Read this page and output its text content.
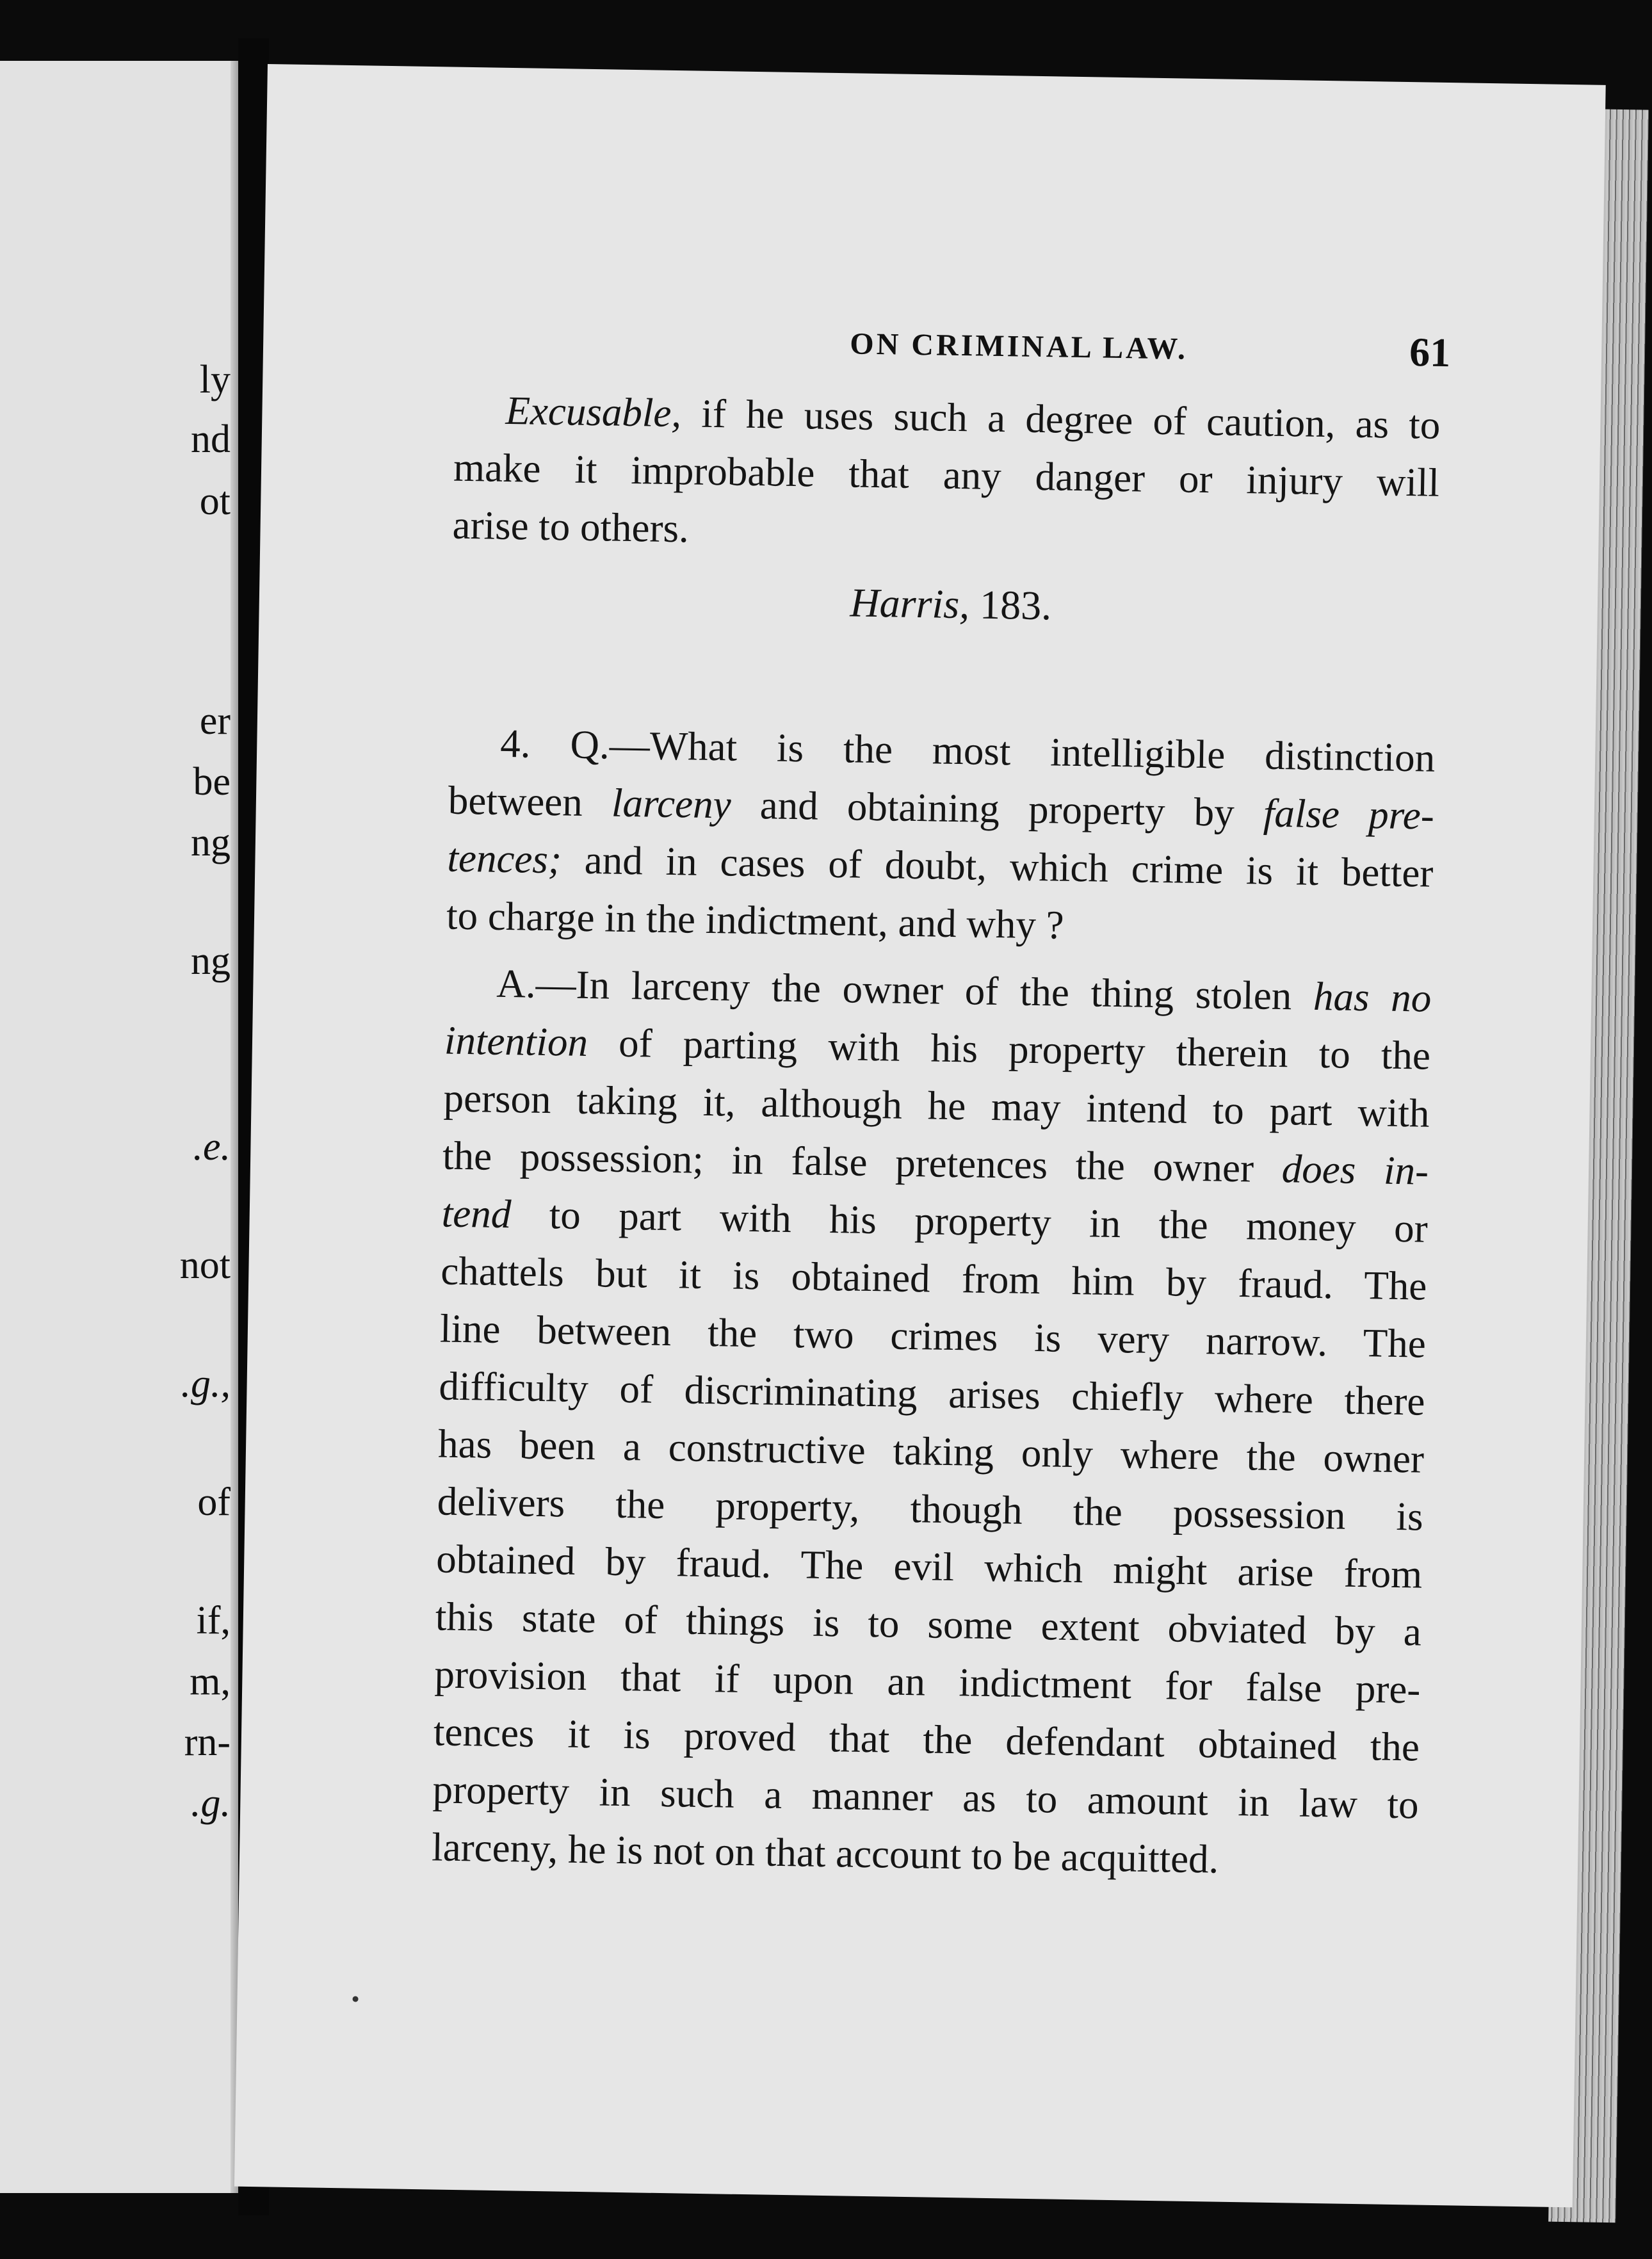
ly
nd
ot
er
be
ng
ng
.e.
not
.g.,
of
if,
m,
rn-
.g.
ON CRIMINAL LAW.	61
Excusable, if he uses such a degree of caution, as to
make it improbable that any danger or injury will
arise to others.
Harris, 183.
4. Q.—What is the most intelligible distinction
between larceny and obtaining property by false pre-
tences; and in cases of doubt, which crime is it better
to charge in the indictment, and why ?
A.—In larceny the owner of the thing stolen has no
intention of parting with his property therein to the
person taking it, although he may intend to part with
the possession; in false pretences the owner does in-
tend to part with his property in the money or
chattels but it is obtained from him by fraud. The
line between the two crimes is very narrow. The
difficulty of discriminating arises chiefly where there
has been a constructive taking only where the owner
delivers the property, though the possession is
obtained by fraud. The evil which might arise from
this state of things is to some extent obviated by a
provision that if upon an indictment for false pre-
tences it is proved that the defendant obtained the
property in such a manner as to amount in law to
larceny, he is not on that account to be acquitted.
